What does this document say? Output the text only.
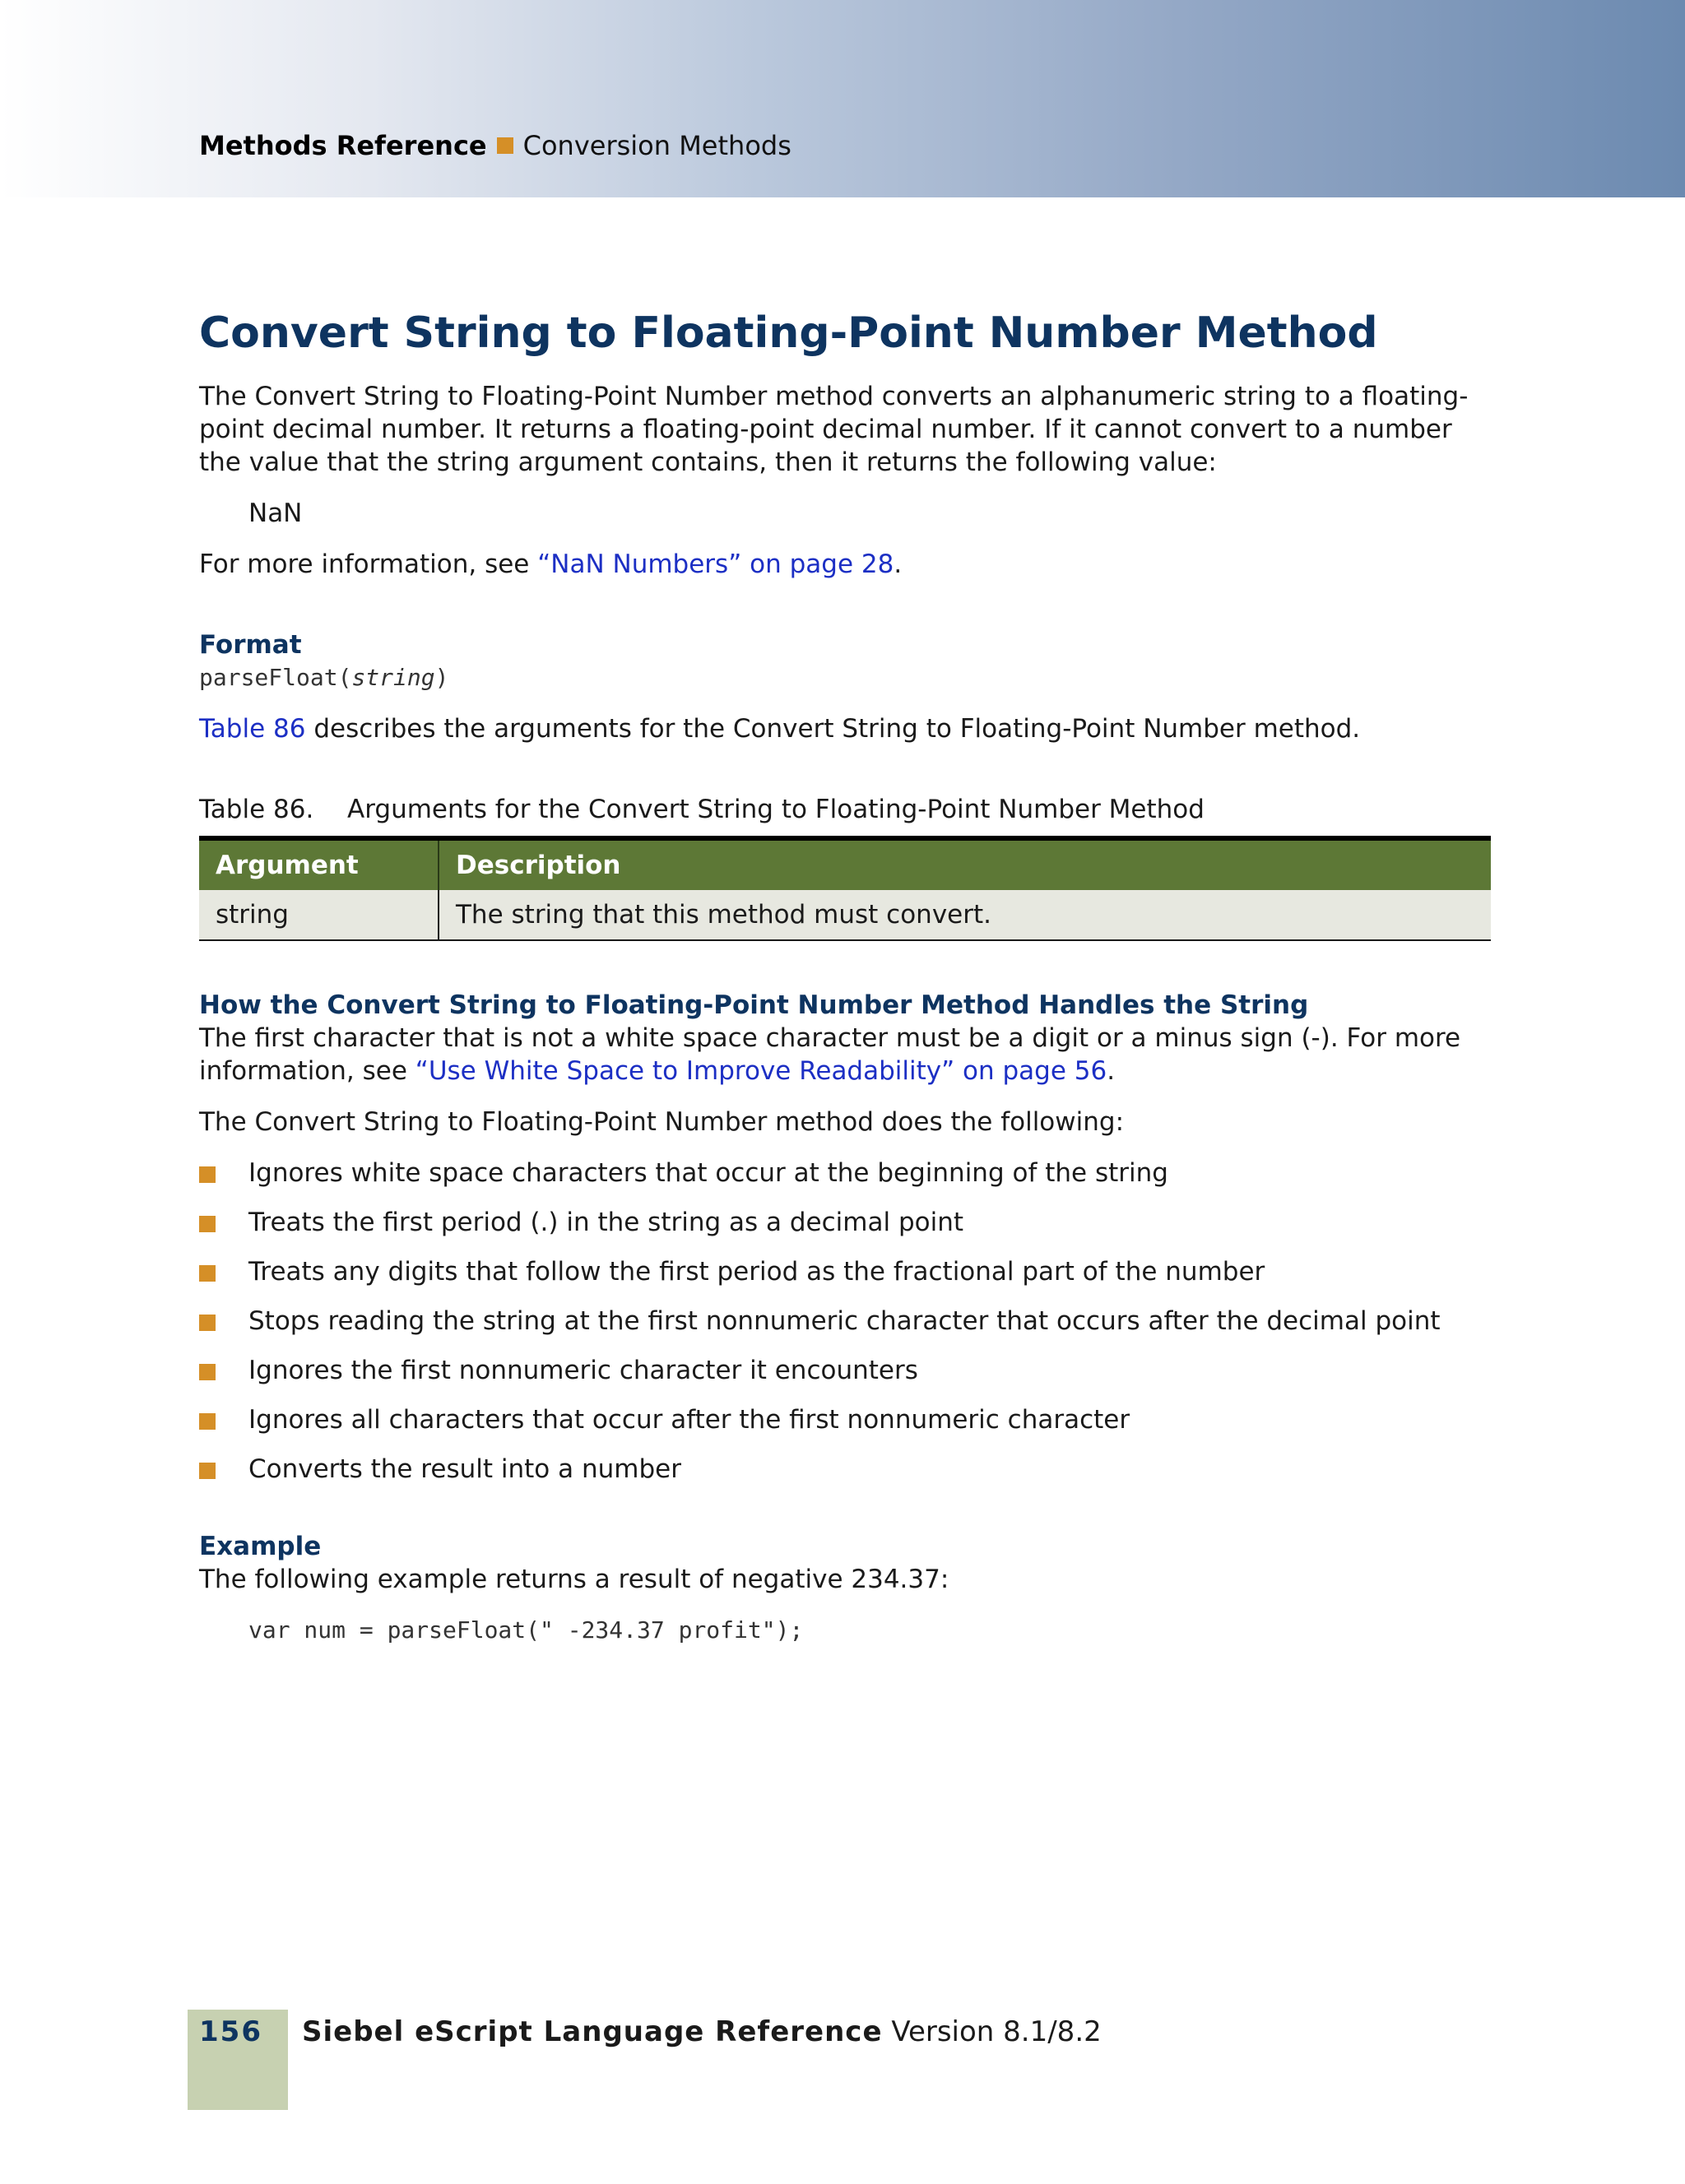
Methods Reference Conversion Methods
Convert String to Floating-Point Number Method

The Convert String to Floating-Point Number method converts an alphanumeric string to a floating-point decimal number. It returns a floating-point decimal number. If it cannot convert to a number the value that the string argument contains, then it returns the following value:

NaN

For more information, see “NaN Numbers” on page 28.

Format
parseFloat(string)

Table 86 describes the arguments for the Convert String to Floating-Point Number method.

Table 86. Arguments for the Convert String to Floating-Point Number Method
Argument	Description
string	The string that this method must convert.
How the Convert String to Floating-Point Number Method Handles the String

The first character that is not a white space character must be a digit or a minus sign (-). For more information, see “Use White Space to Improve Readability” on page 56.

The Convert String to Floating-Point Number method does the following:

Ignores white space characters that occur at the beginning of the string
Treats the first period (.) in the string as a decimal point
Treats any digits that follow the first period as the fractional part of the number
Stops reading the string at the first nonnumeric character that occurs after the decimal point
Ignores the first nonnumeric character it encounters
Ignores all characters that occur after the first nonnumeric character
Converts the result into a number
Example

The following example returns a result of negative 234.37:

var num = parseFloat(" -234.37 profit");
156 Siebel eScript Language Reference Version 8.1/8.2
